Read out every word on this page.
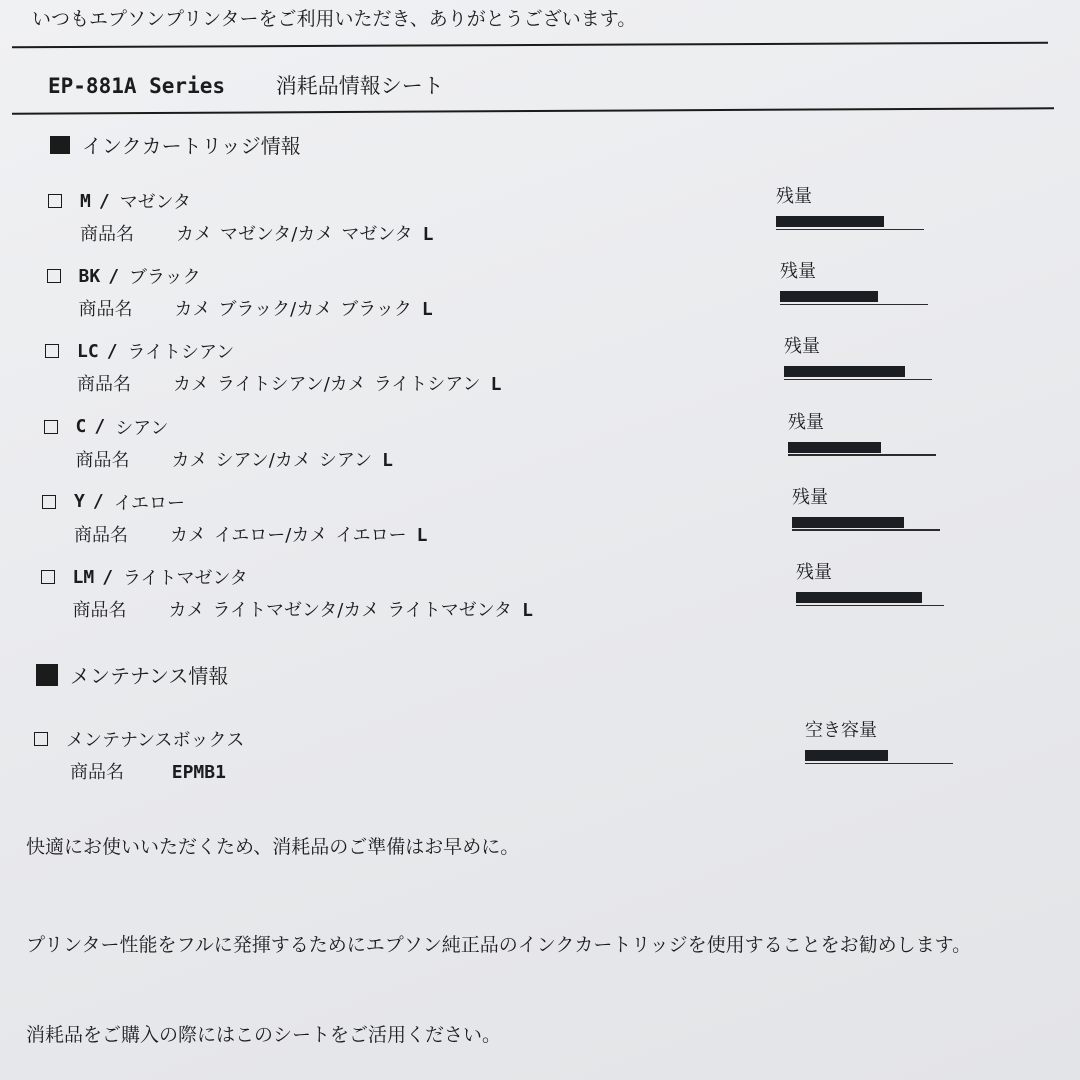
いつもエプソンプリンターをご利用いただき、ありがとうございます。
EP-881A Series 消耗品情報シート
インクカートリッジ情報
M / マゼンタ
商品名 カメ マゼンタ/カメ マゼンタ L
残量
BK / ブラック
商品名 カメ ブラック/カメ ブラック L
残量
LC / ライトシアン
商品名 カメ ライトシアン/カメ ライトシアン L
残量
C / シアン
商品名 カメ シアン/カメ シアン L
残量
Y / イエロー
商品名 カメ イエロー/カメ イエロー L
残量
LM / ライトマゼンタ
商品名 カメ ライトマゼンタ/カメ ライトマゼンタ L
残量
メンテナンス情報
メンテナンスボックス
商品名	EPMB1
空き容量
快適にお使いいただくため、消耗品のご準備はお早めに。
プリンター性能をフルに発揮するためにエプソン純正品のインクカートリッジを使用することをお勧めします。
消耗品をご購入の際にはこのシートをご活用ください。
